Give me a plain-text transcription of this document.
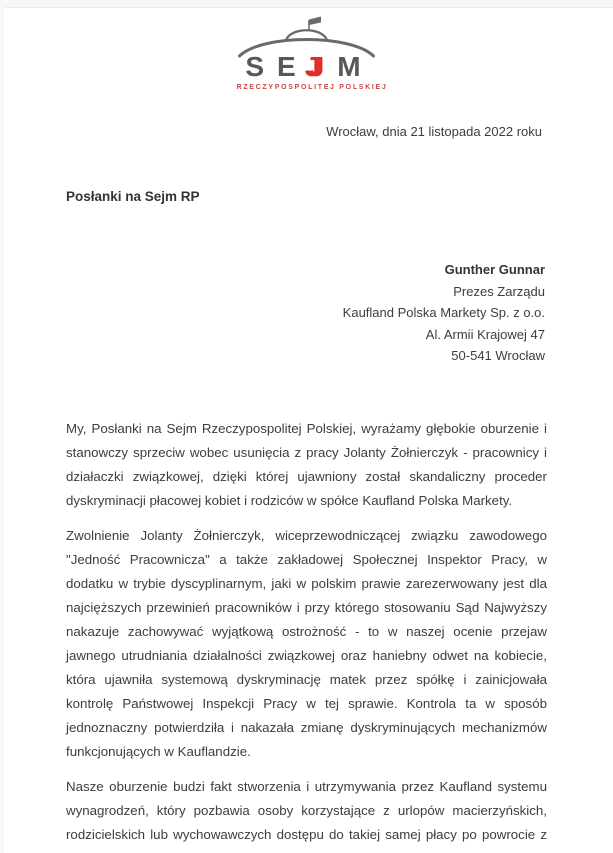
SEJM
RZECZYPOSPOLITEJ POLSKIEJ
Wrocław, dnia 21 listopada 2022 roku
Posłanki na Sejm RP
Gunther Gunnar
Prezes Zarządu
Kaufland Polska Markety Sp. z o.o.
Al. Armii Krajowej 47
50-541 Wrocław

My, Posłanki na Sejm Rzeczypospolitej Polskiej, wyrażamy głębokie oburzenie i stanowczy sprzeciw wobec usunięcia z pracy Jolanty Żołnierczyk - pracownicy i działaczki związkowej, dzięki której ujawniony został skandaliczny proceder dyskryminacji płacowej kobiet i rodziców w spółce Kaufland Polska Markety.

Zwolnienie Jolanty Żołnierczyk, wiceprzewodniczącej związku zawodowego "Jedność Pracownicza" a także zakładowej Społecznej Inspektor Pracy, w dodatku w trybie dyscyplinarnym, jaki w polskim prawie zarezerwowany jest dla najcięższych przewinień pracowników i przy którego stosowaniu Sąd Najwyższy nakazuje zachowywać wyjątkową ostrożność - to w naszej ocenie przejaw jawnego utrudniania działalności związkowej oraz haniebny odwet na kobiecie, która ujawniła systemową dyskryminację matek przez spółkę i zainicjowała kontrolę Państwowej Inspekcji Pracy w tej sprawie. Kontrola ta w sposób jednoznaczny potwierdziła i nakazała zmianę dyskryminujących mechanizmów funkcjonujących w Kauflandzie.

Nasze oburzenie budzi fakt stworzenia i utrzymywania przez Kaufland systemu wynagrodzeń, który pozbawia osoby korzystające z urlopów macierzyńskich, rodzicielskich lub wychowawczych dostępu do takiej samej płacy po powrocie z
